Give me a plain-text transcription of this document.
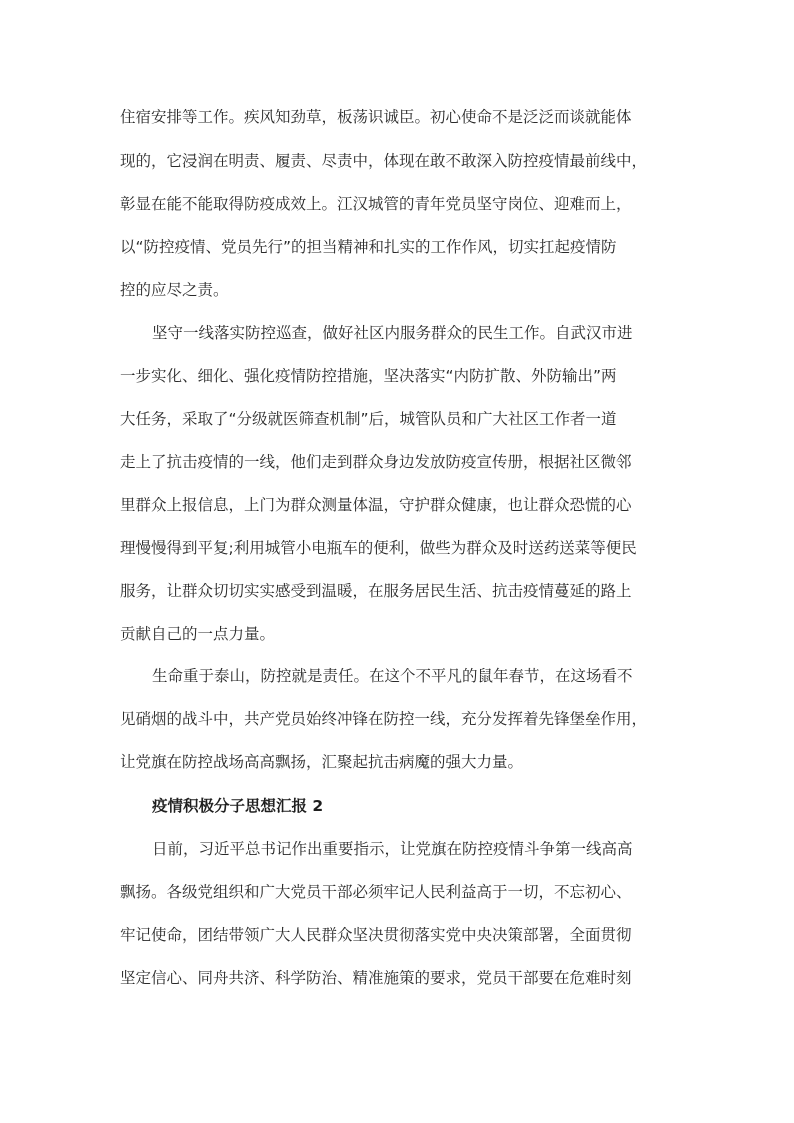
住宿安排等工作。疾风知劲草，板荡识诚臣。初心使命不是泛泛而谈就能体
现的，它浸润在明责、履责、尽责中，体现在敢不敢深入防控疫情最前线中，
彰显在能不能取得防疫成效上。江汉城管的青年党员坚守岗位、迎难而上，
以“防控疫情、党员先行”的担当精神和扎实的工作作风，切实扛起疫情防
控的应尽之责。
坚守一线落实防控巡查，做好社区内服务群众的民生工作。自武汉市进
一步实化、细化、强化疫情防控措施，坚决落实“内防扩散、外防输出”两
大任务，采取了“分级就医筛查机制”后，城管队员和广大社区工作者一道
走上了抗击疫情的一线，他们走到群众身边发放防疫宣传册，根据社区微邻
里群众上报信息，上门为群众测量体温，守护群众健康，也让群众恐慌的心
理慢慢得到平复;利用城管小电瓶车的便利，做些为群众及时送药送菜等便民
服务，让群众切切实实感受到温暖，在服务居民生活、抗击疫情蔓延的路上
贡献自己的一点力量。
生命重于泰山，防控就是责任。在这个不平凡的鼠年春节，在这场看不
见硝烟的战斗中，共产党员始终冲锋在防控一线，充分发挥着先锋堡垒作用，
让党旗在防控战场高高飘扬，汇聚起抗击病魔的强大力量。
疫情积极分子思想汇报 2
日前，习近平总书记作出重要指示，让党旗在防控疫情斗争第一线高高
飘扬。各级党组织和广大党员干部必须牢记人民利益高于一切，不忘初心、
牢记使命，团结带领广大人民群众坚决贯彻落实党中央决策部署，全面贯彻
坚定信心、同舟共济、科学防治、精准施策的要求，党员干部要在危难时刻
